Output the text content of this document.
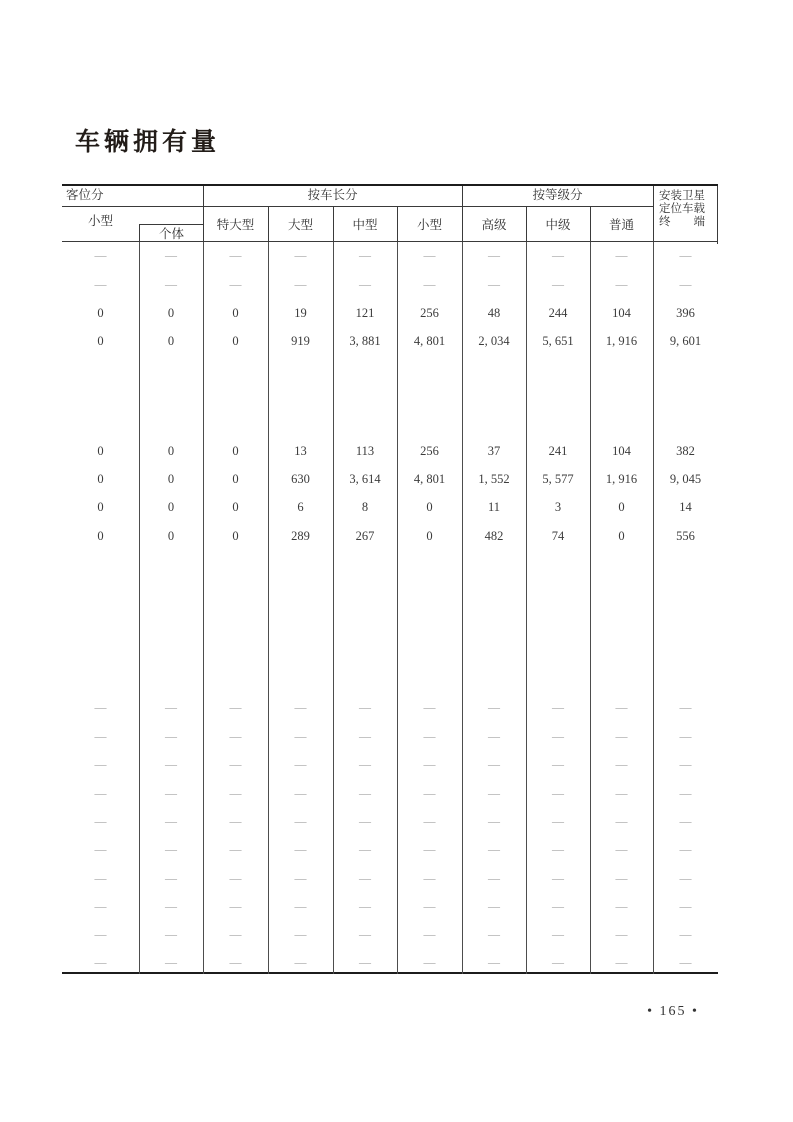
车辆拥有量
客位分
小型
个体
按车长分
特大型	大型	中型	小型
按等级分
高级	中级	普通
安装卫星
定位车载
终 端
—	—	—	—	—	—	—	—	—	—
—	—	—	—	—	—	—	—	—	—
0	0	0	19	121	256	48	244	104	396
0	0	0	919	3, 881	4, 801	2, 034	5, 651	1, 916	9, 601
0	0	0	13	113	256	37	241	104	382
0	0	0	630	3, 614	4, 801	1, 552	5, 577	1, 916	9, 045
0	0	0	6	8	0	11	3	0	14
0	0	0	289	267	0	482	74	0	556
—	—	—	—	—	—	—	—	—	—
—	—	—	—	—	—	—	—	—	—
—	—	—	—	—	—	—	—	—	—
—	—	—	—	—	—	—	—	—	—
—	—	—	—	—	—	—	—	—	—
—	—	—	—	—	—	—	—	—	—
—	—	—	—	—	—	—	—	—	—
—	—	—	—	—	—	—	—	—	—
—	—	—	—	—	—	—	—	—	—
—	—	—	—	—	—	—	—	—	—
• 165 •
